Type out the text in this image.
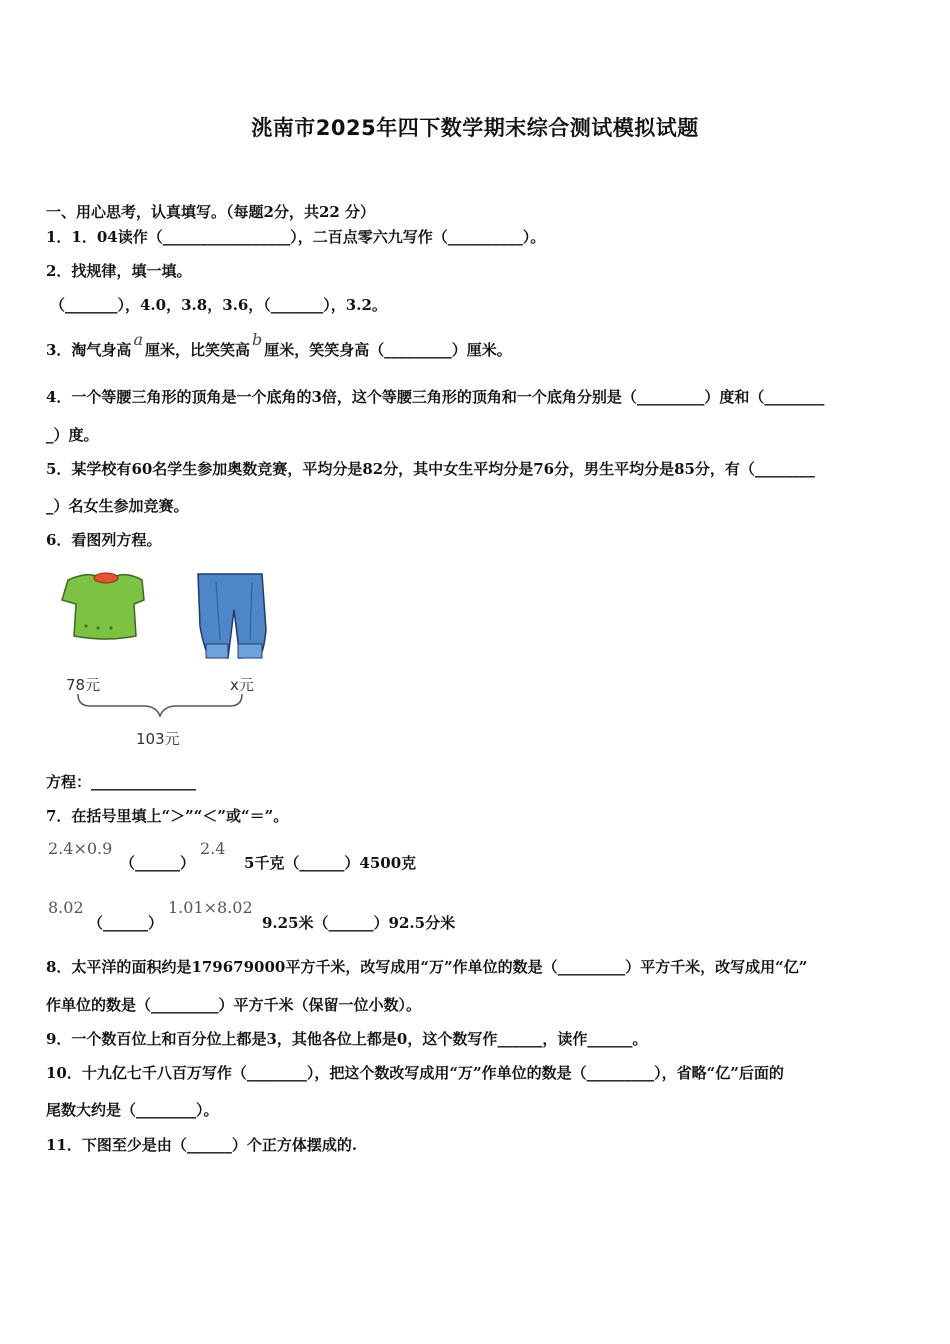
洮南市2025年四下数学期末综合测试模拟试题
一、用心思考，认真填写。（每题2分，共22 分）
1．1．04读作（_________________），二百点零六九写作（__________）。
2．找规律，填一填。
（_______），4.0，3.8，3.6，（_______），3.2。
3．淘气身高a厘米，比笑笑高b厘米，笑笑身高（_________）厘米。
4．一个等腰三角形的顶角是一个底角的3倍，这个等腰三角形的顶角和一个底角分别是（_________）度和（________
_）度。
5．某学校有60名学生参加奥数竞赛，平均分是82分，其中女生平均分是76分，男生平均分是85分，有（________
_）名女生参加竞赛。
6．看图列方程。
78元	x元
103元
方程：______________
7．在括号里填上“＞”“＜”或“＝”。
2.4×0.9
（______）
2.4
5千克（______）4500克
8.02
（______）
1.01×8.02
9.25米（______）92.5分米
8．太平洋的面积约是179679000平方千米，改写成用“万”作单位的数是（_________）平方千米，改写成用“亿”
作单位的数是（_________）平方千米（保留一位小数）。
9．一个数百位上和百分位上都是3，其他各位上都是0，这个数写作______，读作______。
10．十九亿七千八百万写作（________），把这个数改写成用“万”作单位的数是（_________），省略“亿”后面的
尾数大约是（________）。
11．下图至少是由（______）个正方体摆成的.
